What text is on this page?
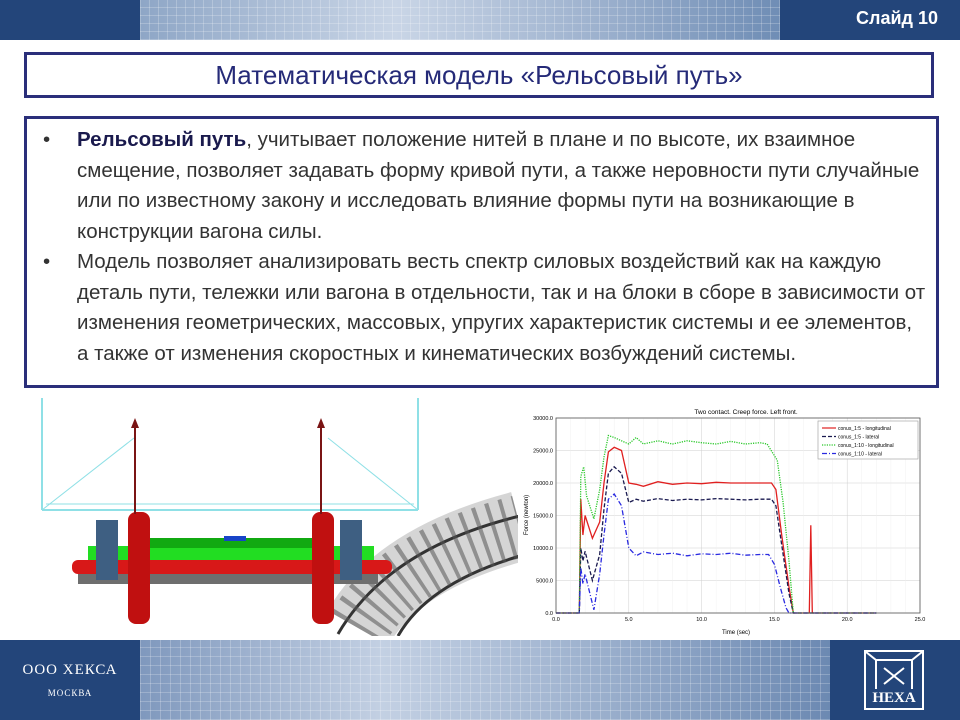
Слайд 10
Математическая модель «Рельсовый путь»
•	Рельсовый путь, учитывает положение нитей в плане и по высоте, их взаимное смещение, позволяет задавать форму кривой пути, а также неровности пути случайные или по известному закону и исследовать влияние формы пути на возникающие в конструкции вагона силы.
•	Модель позволяет анализировать весть спектр силовых воздействий как на каждую деталь пути, тележки или вагона в отдельности, так и на блоки в сборе в зависимости от изменения геометрических, массовых, упругих характеристик системы и ее элементов, а также от изменения скоростных и кинематических возбуждений системы.
Two contact. Creep force. Left front.
0.0
5000.0
10000.0
15000.0
20000.0
25000.0
30000.0
0.0	5.0	10.0	15.0	20.0	25.0
Time (sec)
Force (newton)
conus_1:5 - longitudinal
conus_1:5 - lateral
conus_1:10 - longitudinal
conus_1:10 - lateral
ООО ХЕКСА
МОСКВА	HEXA
